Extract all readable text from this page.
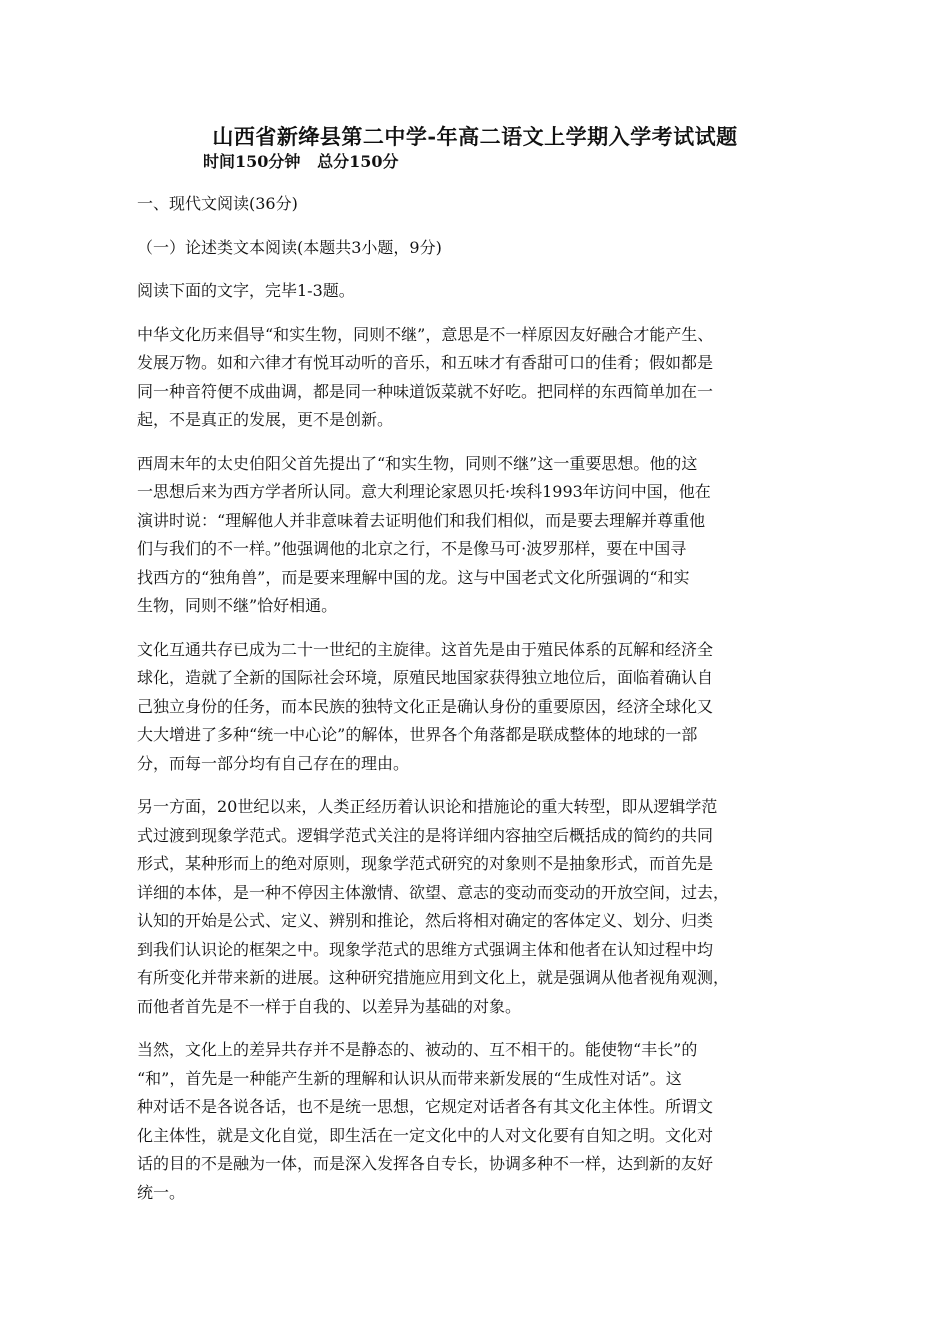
山西省新绛县第二中学-年高二语文上学期入学考试试题
时间150分钟   总分150分
一、现代文阅读(36分)
（一）论述类文本阅读(本题共3小题，9分)
阅读下面的文字，完毕1-3题。
中华文化历来倡导“和实生物，同则不继”，意思是不一样原因友好融合才能产生、
发展万物。如和六律才有悦耳动听的音乐，和五味才有香甜可口的佳肴；假如都是
同一种音符便不成曲调，都是同一种味道饭菜就不好吃。把同样的东西简单加在一
起，不是真正的发展，更不是创新。
西周末年的太史伯阳父首先提出了“和实生物，同则不继”这一重要思想。他的这
一思想后来为西方学者所认同。意大利理论家恩贝托·埃科1993年访问中国，他在
演讲时说：“理解他人并非意味着去证明他们和我们相似，而是要去理解并尊重他
们与我们的不一样。”他强调他的北京之行，不是像马可·波罗那样，要在中国寻
找西方的“独角兽”，而是要来理解中国的龙。这与中国老式文化所强调的“和实
生物，同则不继”恰好相通。
文化互通共存已成为二十一世纪的主旋律。这首先是由于殖民体系的瓦解和经济全
球化，造就了全新的国际社会环境，原殖民地国家获得独立地位后，面临着确认自
己独立身份的任务，而本民族的独特文化正是确认身份的重要原因，经济全球化又
大大增进了多种“统一中心论”的解体，世界各个角落都是联成整体的地球的一部
分，而每一部分均有自己存在的理由。
另一方面，20世纪以来，人类正经历着认识论和措施论的重大转型，即从逻辑学范
式过渡到现象学范式。逻辑学范式关注的是将详细内容抽空后概括成的简约的共同
形式，某种形而上的绝对原则，现象学范式研究的对象则不是抽象形式，而首先是
详细的本体，是一种不停因主体激情、欲望、意志的变动而变动的开放空间，过去，
认知的开始是公式、定义、辨别和推论，然后将相对确定的客体定义、划分、归类
到我们认识论的框架之中。现象学范式的思维方式强调主体和他者在认知过程中均
有所变化并带来新的进展。这种研究措施应用到文化上，就是强调从他者视角观测，
而他者首先是不一样于自我的、以差异为基础的对象。
当然，文化上的差异共存并不是静态的、被动的、互不相干的。能使物“丰长”的
“和”，首先是一种能产生新的理解和认识从而带来新发展的“生成性对话”。这
种对话不是各说各话，也不是统一思想，它规定对话者各有其文化主体性。所谓文
化主体性，就是文化自觉，即生活在一定文化中的人对文化要有自知之明。文化对
话的目的不是融为一体，而是深入发挥各自专长，协调多种不一样，达到新的友好
统一。
